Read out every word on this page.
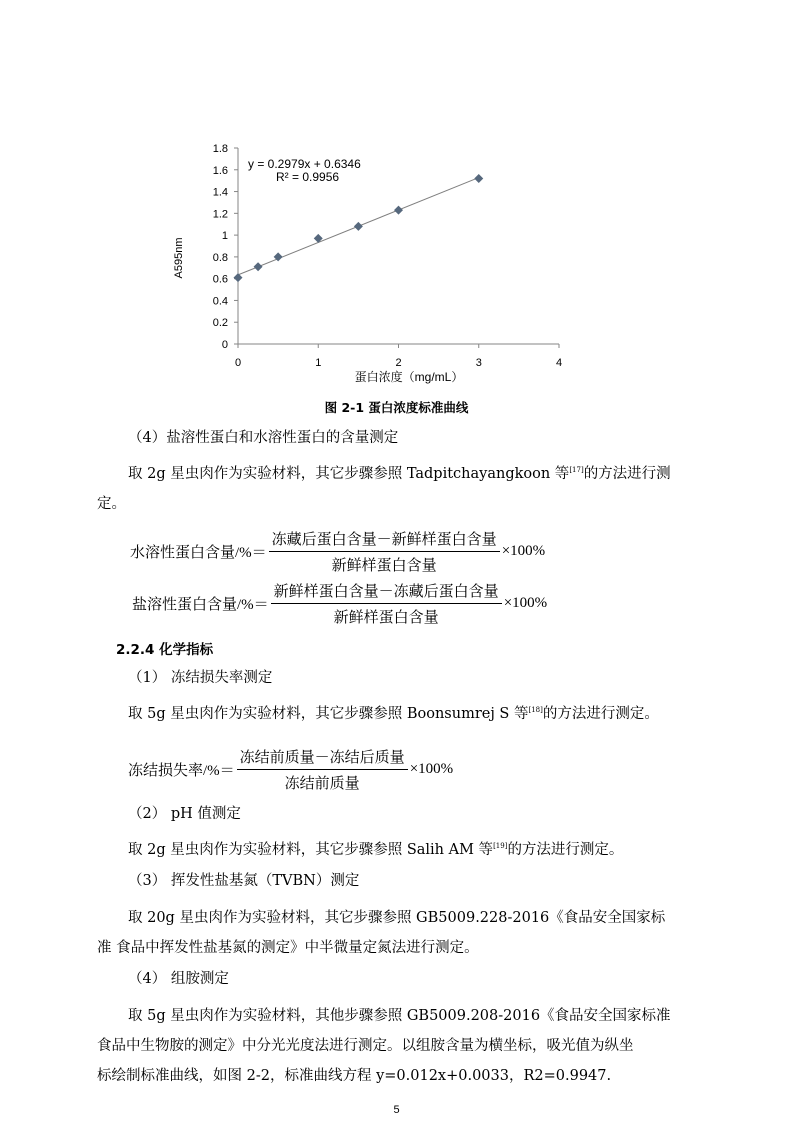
0
0.2
0.4
0.6
0.8
1
1.2
1.4
1.6
1.8
0	1	2	3	4
y = 0.2979x + 0.6346
R² = 0.9956
A595nm
蛋白浓度（mg/mL）
图 2-1 蛋白浓度标准曲线
（4）盐溶性蛋白和水溶性蛋白的含量测定
取 2g 星虫肉作为实验材料，其它步骤参照 Tadpitchayangkoon 等[17]的方法进行测
定。
水溶性蛋白含量/%＝ $\frac{\text{冻藏后蛋白含量－新鲜样蛋白含量}}{\text{新鲜样蛋白含量}} \times 100\%$
盐溶性蛋白含量/%＝ $\frac{\text{新鲜样蛋白含量－冻藏后蛋白含量}}{\text{新鲜样蛋白含量}} \times 100\%$
2.2.4 化学指标
（1） 冻结损失率测定
取 5g 星虫肉作为实验材料，其它步骤参照 Boonsumrej S 等[18]的方法进行测定。
冻结损失率/%＝ $\frac{\text{冻结前质量－冻结后质量}}{\text{冻结前质量}} \times 100\%$
（2） pH 值测定
取 2g 星虫肉作为实验材料，其它步骤参照 Salih AM 等[19]的方法进行测定。
（3） 挥发性盐基氮（TVBN）测定
取 20g 星虫肉作为实验材料，其它步骤参照 GB5009.228-2016《食品安全国家标
准 食品中挥发性盐基氮的测定》中半微量定氮法进行测定。
（4） 组胺测定
取 5g 星虫肉作为实验材料，其他步骤参照 GB5009.208-2016《食品安全国家标准
食品中生物胺的测定》中分光光度法进行测定。以组胺含量为横坐标，吸光值为纵坐
标绘制标准曲线，如图 2-2，标准曲线方程 y=0.012x+0.0033，R2=0.9947.
5
